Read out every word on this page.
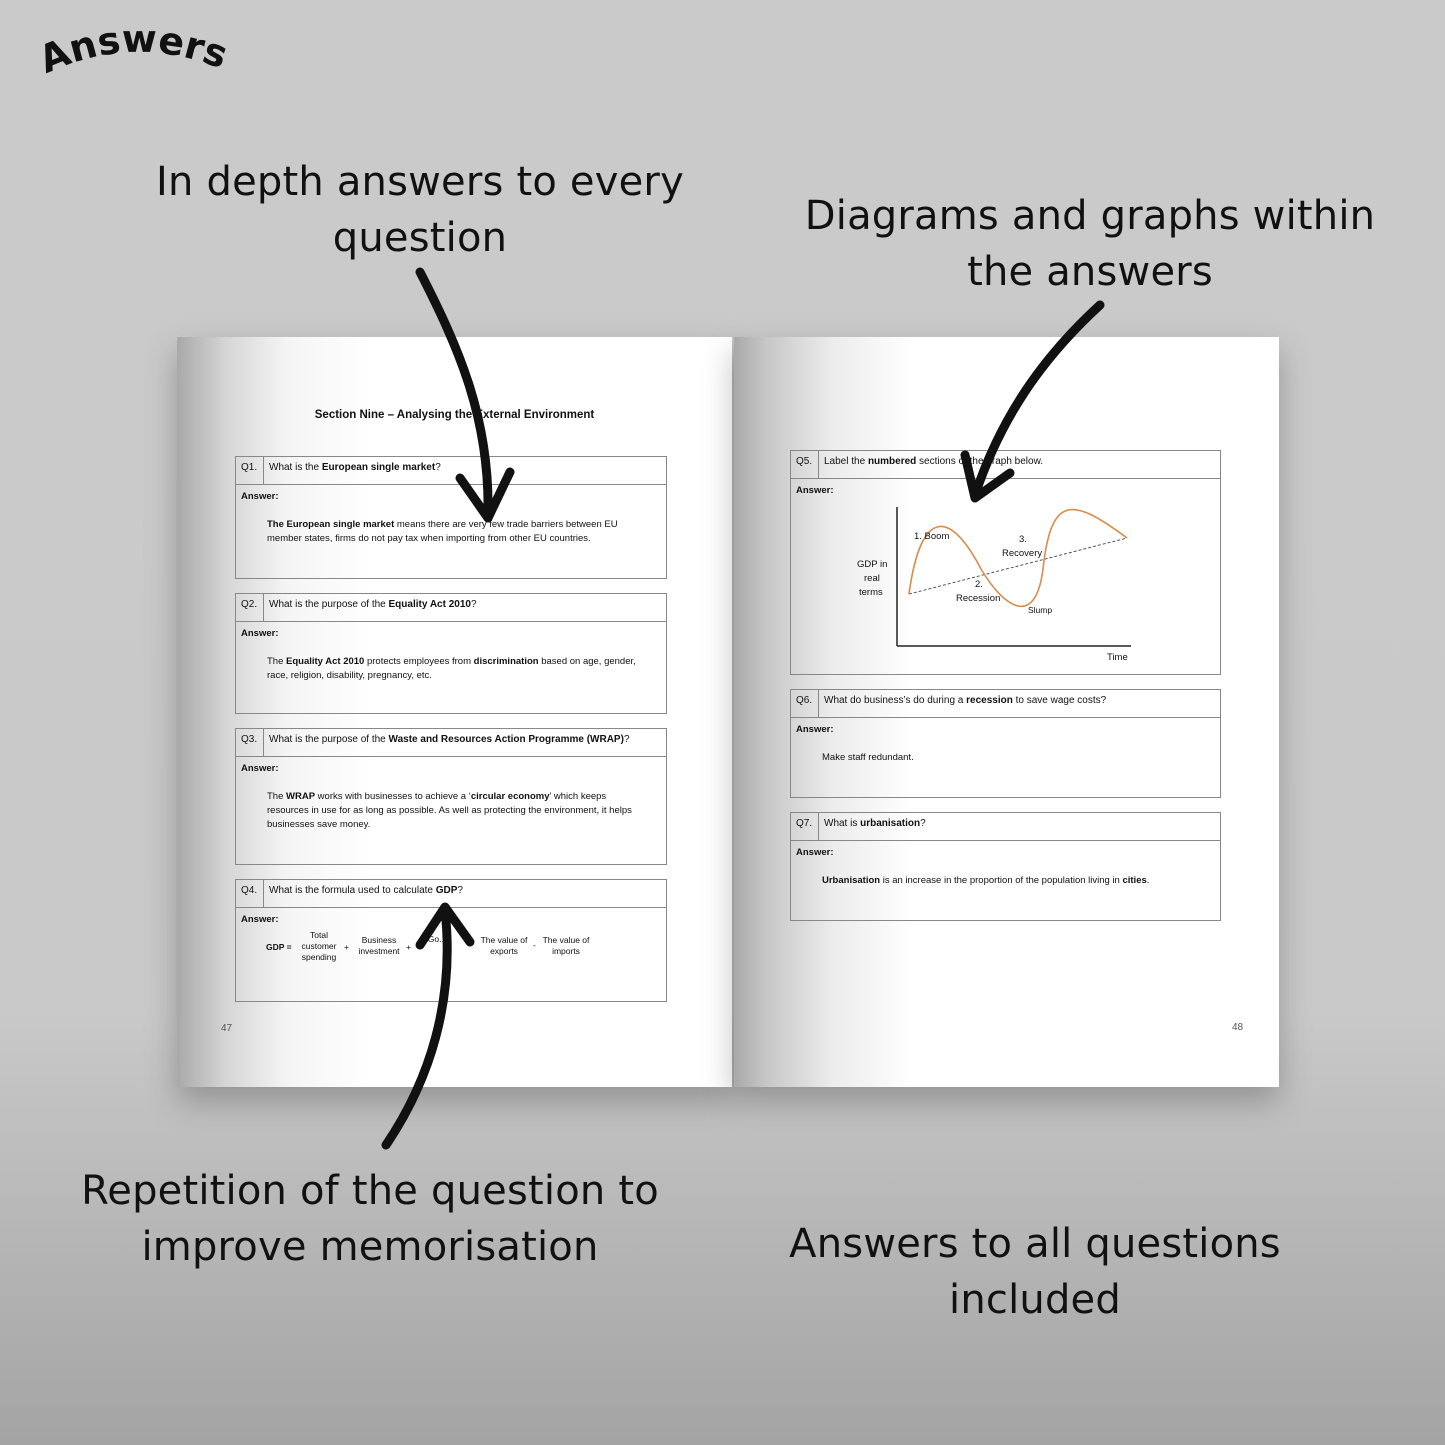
nswers
In depth answers to every question	Diagrams and graphs within the answers
Repetition of the question to improve memorisation	Answers to all questions included
Section Nine – Analysing the External Environment
Q1.	What is the European single market?
Answer:
The European single market means there are very few trade barriers between EU member states, firms do not pay tax when importing from other EU countries.
Q2.	What is the purpose of the Equality Act 2010?
Answer:
The Equality Act 2010 protects employees from discrimination based on age, gender, race, religion, disability, pregnancy, etc.
Q3.	What is the purpose of the Waste and Resources Action Programme (WRAP)?
Answer:
The WRAP works with businesses to achieve a ‘circular economy’ which keeps resources in use for as long as possible. As well as protecting the environment, it helps businesses save money.
Q4.	What is the formula used to calculate GDP?
Answer:
GDP =
Total customer spending
+
Business investment +
Go...	The value of exports
- The value of imports
47
Q5.	Label the numbered sections of the graph below.
Answer:
GDP in
real
terms
Time
1. Boom
2.
Recession
3.
Recovery
Slump
Q6.	What do business’s do during a recession to save wage costs?
Answer:
Make staff redundant.
Q7.	What is urbanisation?
Answer:
Urbanisation is an increase in the proportion of the population living in cities.
48
